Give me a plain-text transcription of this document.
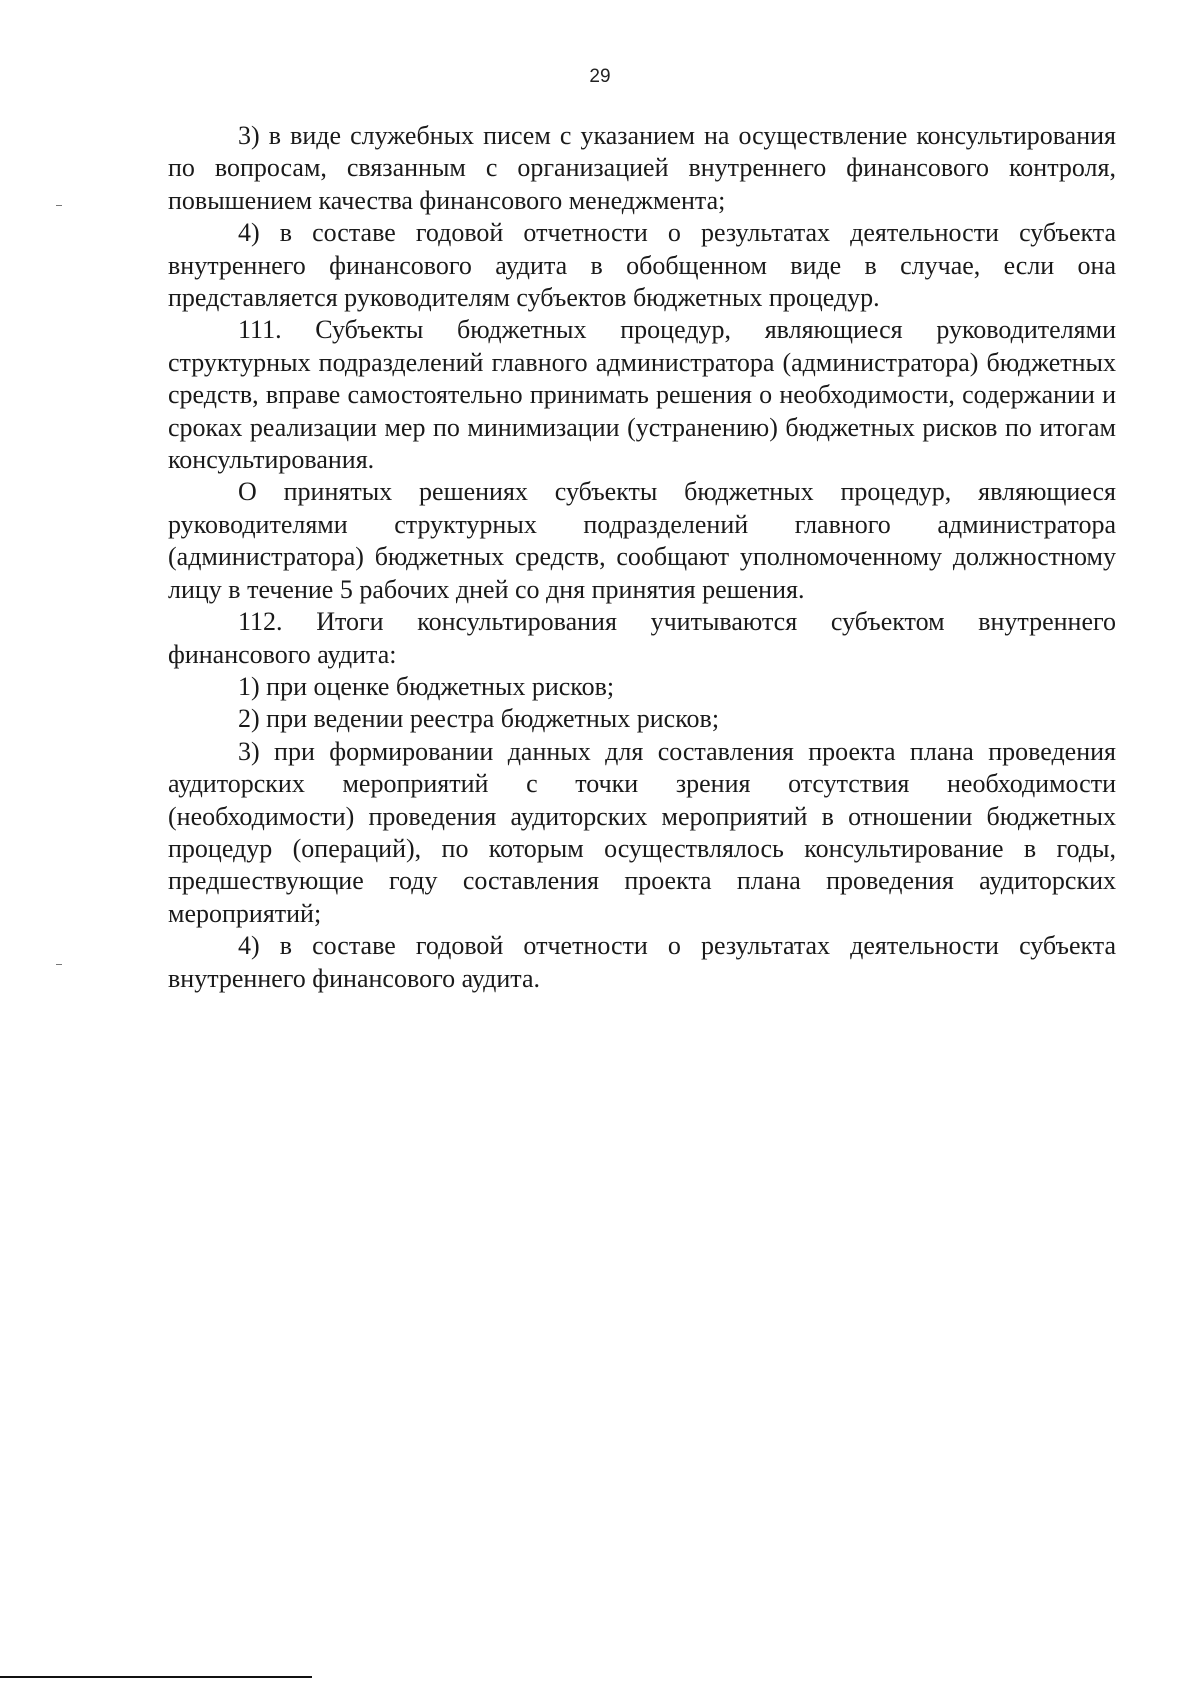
29

3) в виде служебных писем с указанием на осуществление консультирования по вопросам, связанным с организацией внутреннего финансового контроля, повышением качества финансового менеджмента;

4) в составе годовой отчетности о результатах деятельности субъекта внутреннего финансового аудита в обобщенном виде в случае, если она представляется руководителям субъектов бюджетных процедур.

111. Субъекты бюджетных процедур, являющиеся руководителями структурных подразделений главного администратора (администратора) бюджетных средств, вправе самостоятельно принимать решения о необходимости, содержании и сроках реализации мер по минимизации (устранению) бюджетных рисков по итогам консультирования.

О принятых решениях субъекты бюджетных процедур, являющиеся руководителями структурных подразделений главного администратора (администратора) бюджетных средств, сообщают уполномоченному должностному лицу в течение 5 рабочих дней со дня принятия решения.

112. Итоги консультирования учитываются субъектом внутреннего финансового аудита:

1) при оценке бюджетных рисков;

2) при ведении реестра бюджетных рисков;

3) при формировании данных для составления проекта плана проведения аудиторских мероприятий с точки зрения отсутствия необходимости (необходимости) проведения аудиторских мероприятий в отношении бюджетных процедур (операций), по которым осуществлялось консультирование в годы, предшествующие году составления проекта плана проведения аудиторских мероприятий;

4) в составе годовой отчетности о результатах деятельности субъекта внутреннего финансового аудита.
